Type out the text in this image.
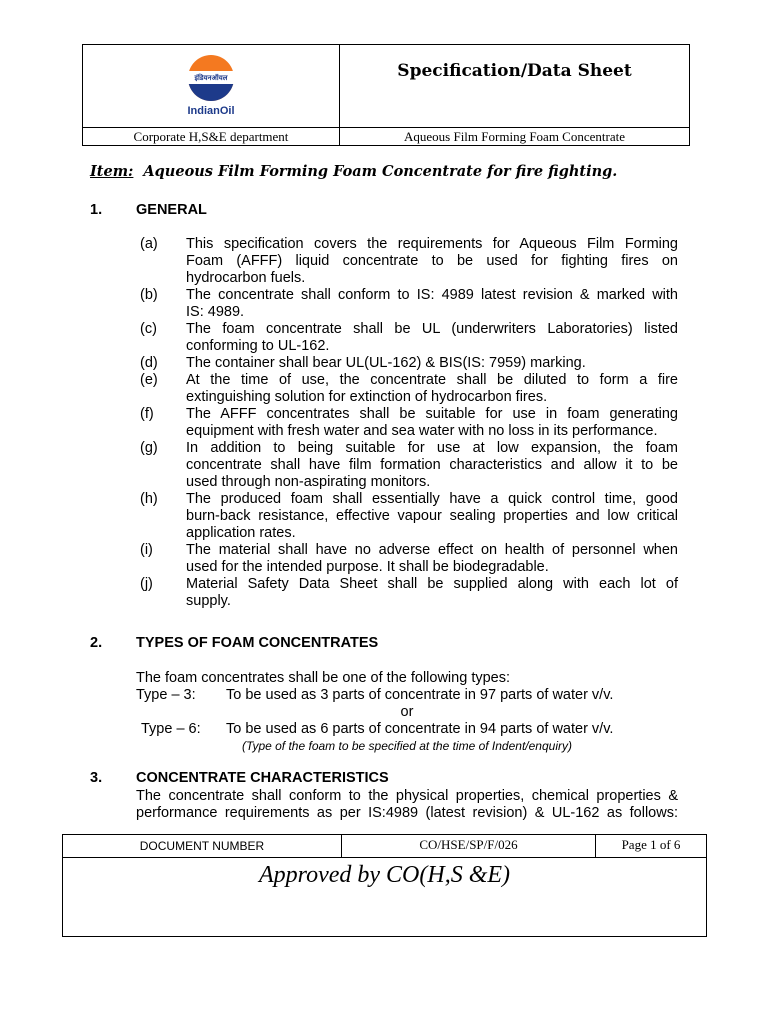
IndianOil	Specification/Data Sheet
Corporate H,S&E department	Aqueous Film Forming Foam Concentrate
Item: Aqueous Film Forming Foam Concentrate for fire fighting.
1. GENERAL
(a)	This specification covers the requirements for Aqueous Film Forming
Foam (AFFF) liquid concentrate to be used for fighting fires on
hydrocarbon fuels.
(b)	The concentrate shall conform to IS: 4989 latest revision & marked with
IS: 4989.
(c)	The foam concentrate shall be UL (underwriters Laboratories) listed
conforming to UL-162.
(d)	The container shall bear UL(UL-162) & BIS(IS: 7959) marking.
(e)	At the time of use, the concentrate shall be diluted to form a fire
extinguishing solution for extinction of hydrocarbon fires.
(f)	The AFFF concentrates shall be suitable for use in foam generating
equipment with fresh water and sea water with no loss in its performance.
(g)	In addition to being suitable for use at low expansion, the foam
concentrate shall have film formation characteristics and allow it to be
used through non-aspirating monitors.
(h)	The produced foam shall essentially have a quick control time, good
burn-back resistance, effective vapour sealing properties and low critical
application rates.
(i)	The material shall have no adverse effect on health of personnel when
used for the intended purpose. It shall be biodegradable.
(j)	Material Safety Data Sheet shall be supplied along with each lot of
supply.
2. TYPES OF FOAM CONCENTRATES
The foam concentrates shall be one of the following types:
Type – 3: To be used as 3 parts of concentrate in 97 parts of water v/v.
or
Type – 6: To be used as 6 parts of concentrate in 94 parts of water v/v.
(Type of the foam to be specified at the time of Indent/enquiry)
3. CONCENTRATE CHARACTERISTICS
The concentrate shall conform to the physical properties, chemical properties &
performance requirements as per IS:4989 (latest revision) & UL-162 as follows:
DOCUMENT NUMBER	CO/HSE/SP/F/026	Page 1 of 6
Approved by CO(H,S &E)
